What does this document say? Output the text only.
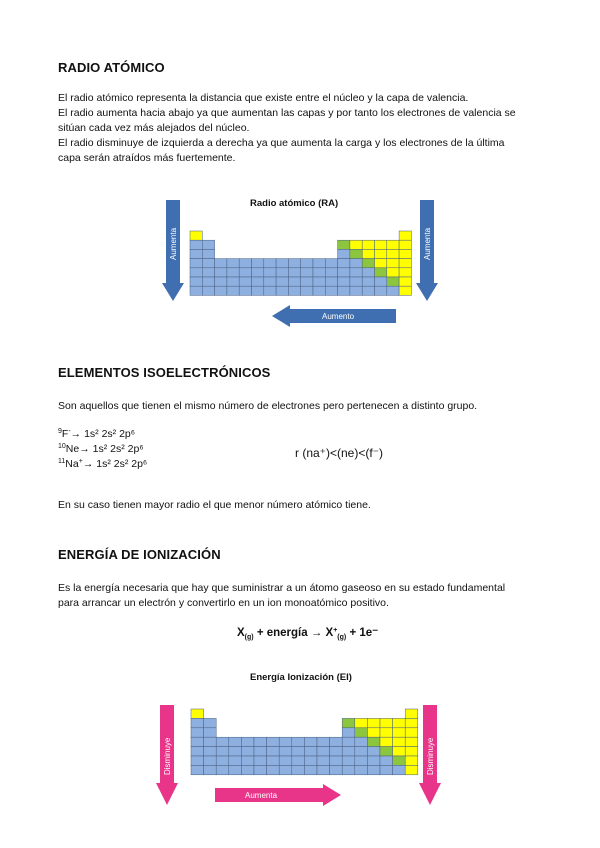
RADIO ATÓMICO
El radio atómico representa la distancia que existe entre el núcleo y la capa de valencia.
El radio aumenta hacia abajo ya que aumentan las capas y por tanto los electrones de valencia se
sitúan cada vez más alejados del núcleo.
El radio disminuye de izquierda a derecha ya que aumenta la carga y los electrones de la última
capa serán atraídos más fuertemente.
Radio atómico (RA)
Aumenta	Aumenta
Aumento
ELEMENTOS ISOELECTRÓNICOS
Son aquellos que tienen el mismo número de electrones pero pertenecen a distinto grupo.
$^9$F-→ 1s² 2s² 2p⁶
$^{10}$Ne→ 1s² 2s² 2p⁶
$^{11}$Na+→ 1s² 2s² 2p⁶
r (na⁺)<(ne)<(f⁻)
En su caso tienen mayor radio el que menor número atómico tiene.
ENERGÍA DE IONIZACIÓN
Es la energía necesaria que hay que suministrar a un átomo gaseoso en su estado fundamental
para arrancar un electrón y convertirlo en un ion monoatómico positivo.
$X_{(g)}$ + energía → $X^+_{(g)} + 1e^-$
Energía Ionización (EI)
Disminuye	Disminuye
Aumenta
